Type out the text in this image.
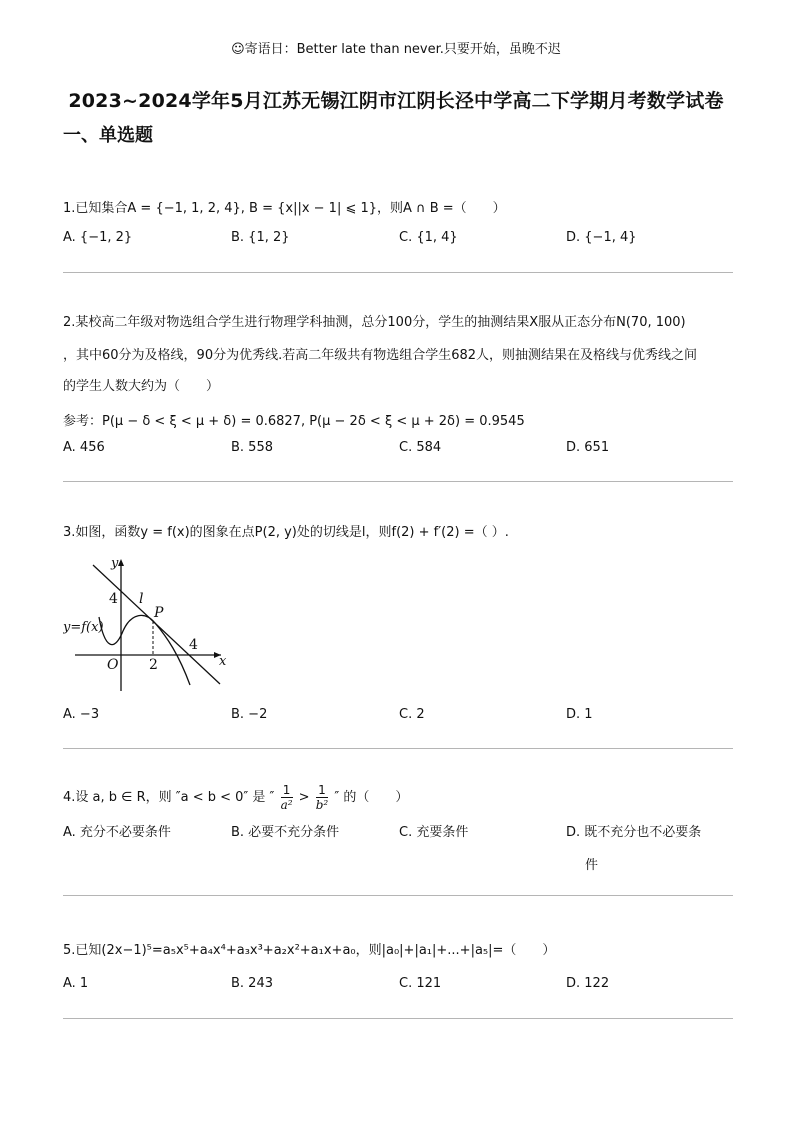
☺寄语日：Better late than never.只要开始，虽晚不迟
2023~2024学年5月江苏无锡江阴市江阴长泾中学高二下学期月考数学试卷
一、单选题
1.已知集合A = {−1, 1, 2, 4}, B = {x||x − 1| ⩽ 1}，则A ∩ B =（　　）
A. {−1, 2}	B. {1, 2}	C. {1, 4}	D. {−1, 4}
2.某校高二年级对物选组合学生进行物理学科抽测，总分100分，学生的抽测结果X服从正态分布N(70, 100)
，其中60分为及格线，90分为优秀线.若高二年级共有物选组合学生682人，则抽测结果在及格线与优秀线之间
的学生人数大约为（　　）
参考：P(μ − δ < ξ < μ + δ) = 0.6827, P(μ − 2δ < ξ < μ + 2δ) = 0.9545
A. 456	B. 558	C. 584	D. 651
3.如图，函数y = f(x)的图象在点P(2, y)处的切线是l，则f(2) + f′(2) =（ ）.
y
x
O
4
4
2
l
P
y=f(x)
A. −3	B. −2	C. 2	D. 1
4.设 a, b ∈ R，则 ″a < b < 0″ 是 ″ $\frac{1}{\text{a²}} > \frac{1}{\text{b²}}$ ″ 的（　　）
A. 充分不必要条件	B. 必要不充分条件	C. 充要条件	D. 既不充分也不必要条
件
5.已知(2x−1)⁵=a₅x⁵+a₄x⁴+a₃x³+a₂x²+a₁x+a₀，则|a₀|+|a₁|+...+|a₅|=（　　）
A. 1	B. 243	C. 121	D. 122
